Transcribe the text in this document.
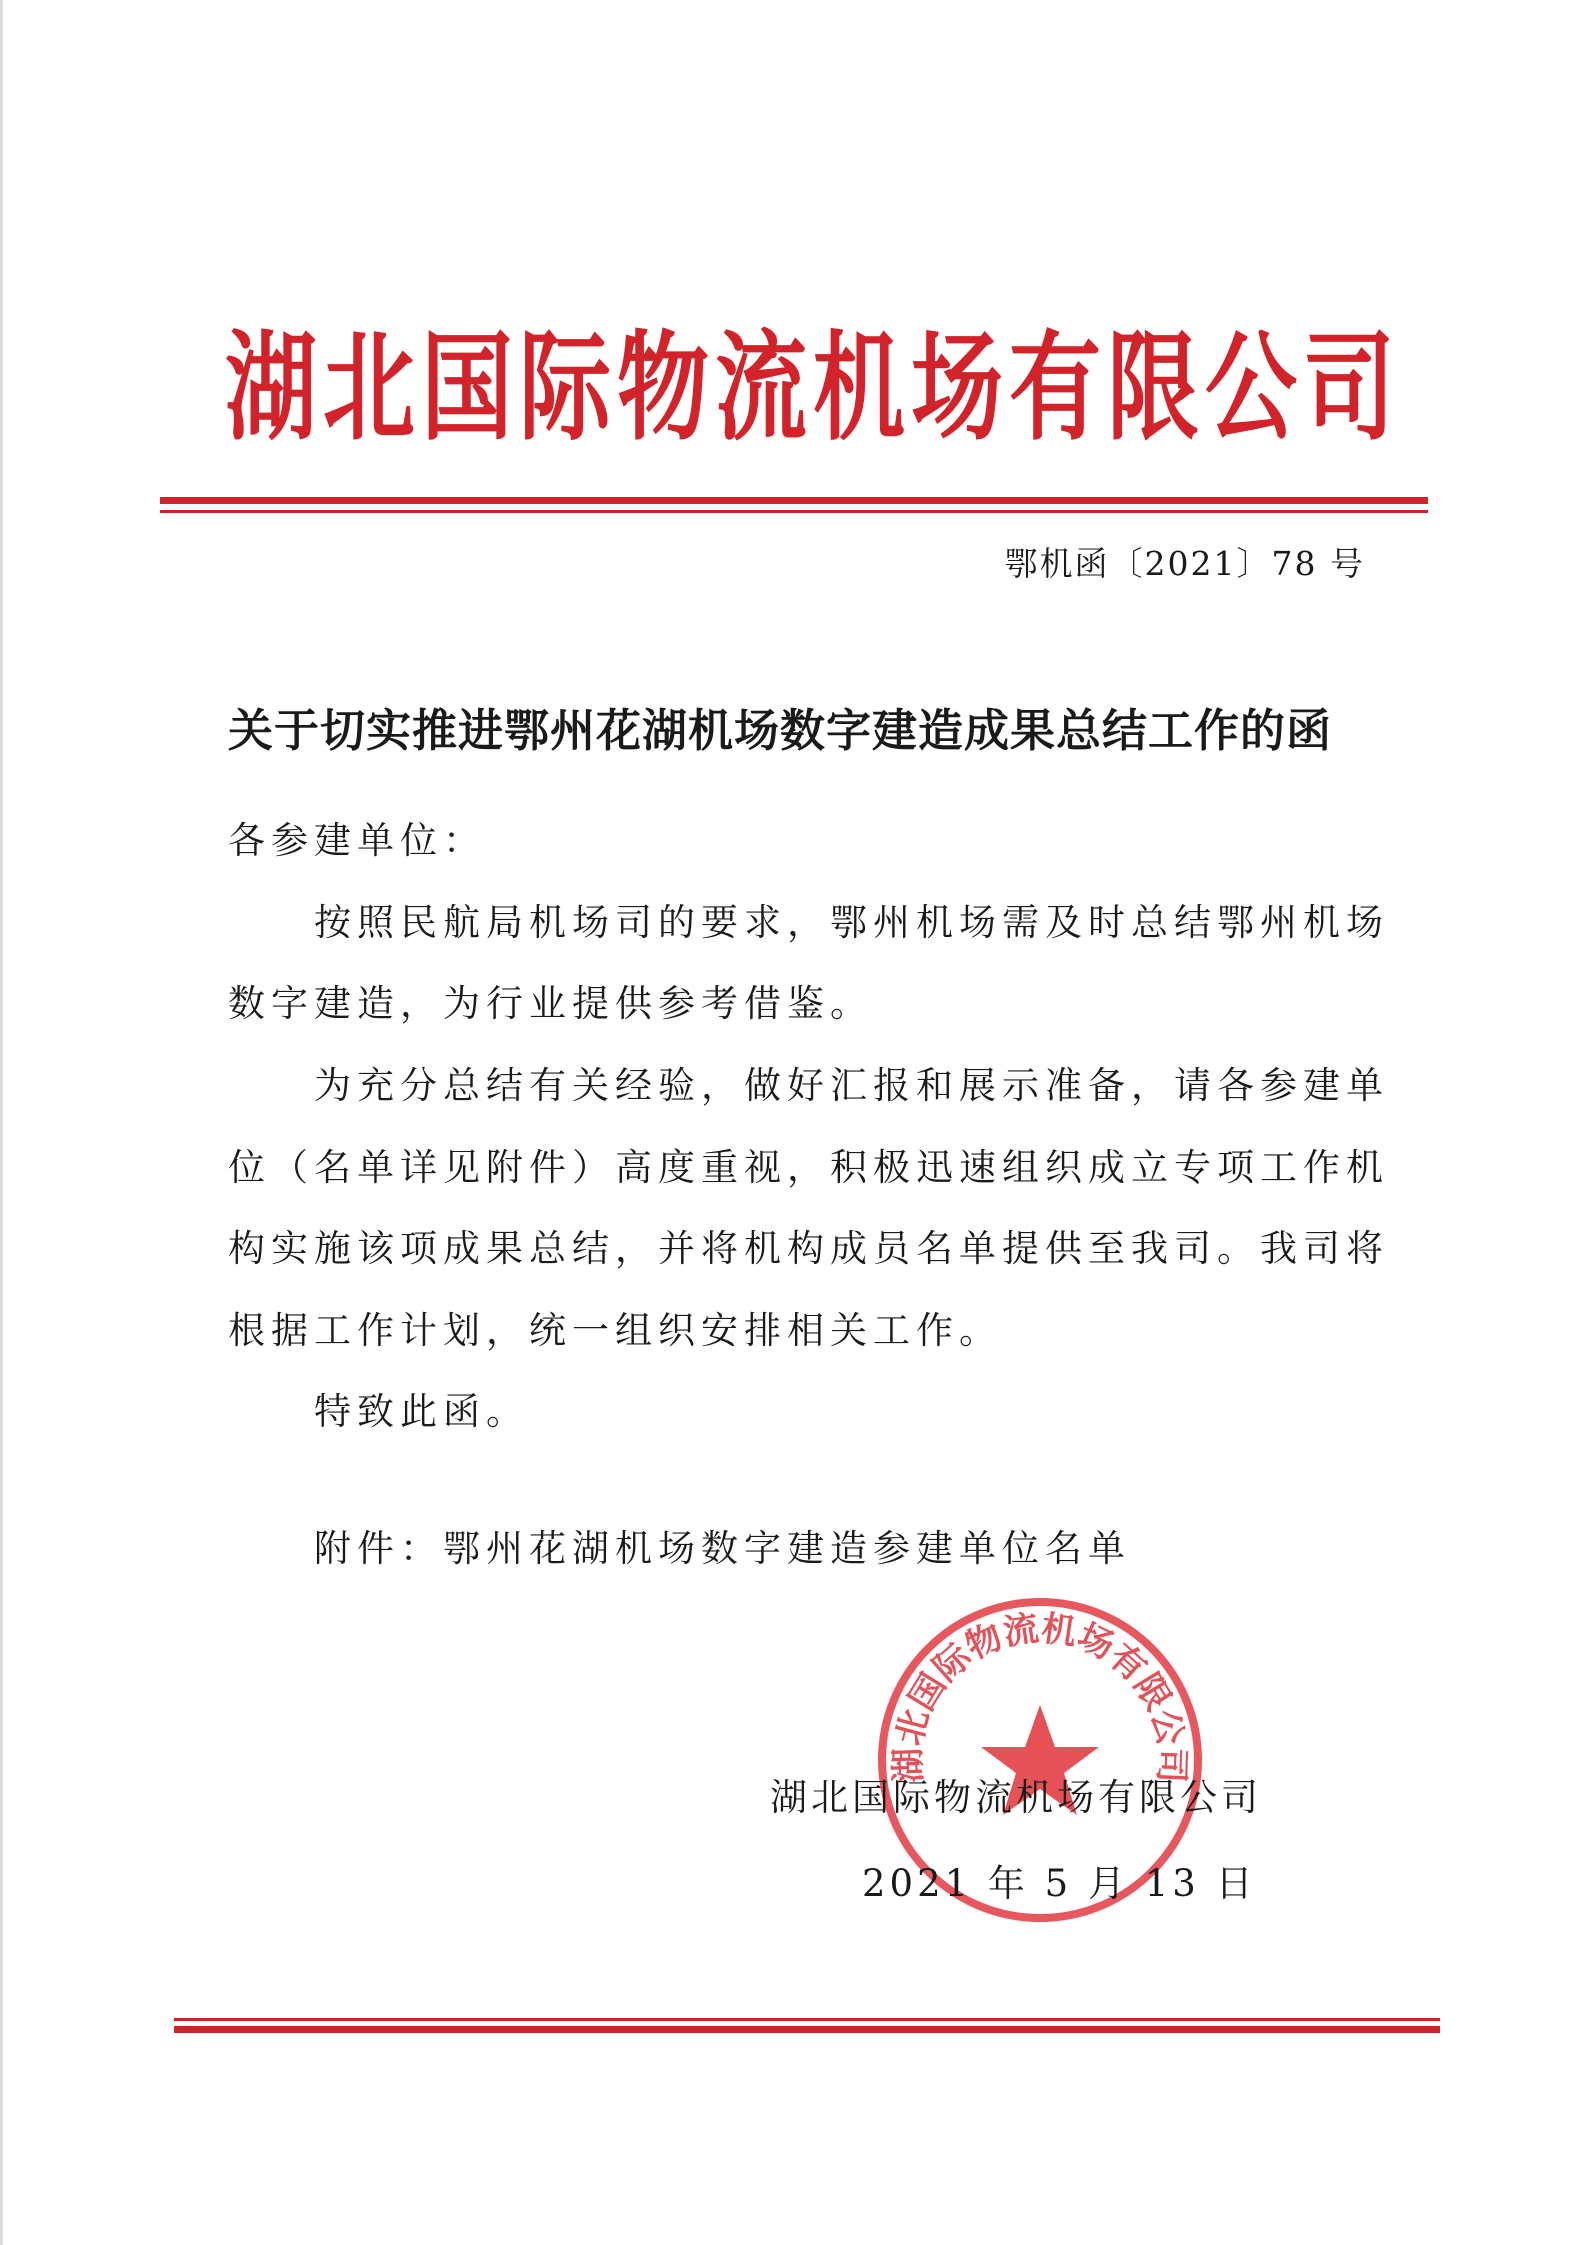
湖北国际物流机场有限公司
鄂机函〔2021〕78 号
关于切实推进鄂州花湖机场数字建造成果总结工作的函
各参建单位：
按照民航局机场司的要求，鄂州机场需及时总结鄂州机场
数字建造，为行业提供参考借鉴。
为充分总结有关经验，做好汇报和展示准备，请各参建单
位（名单详见附件）高度重视，积极迅速组织成立专项工作机
构实施该项成果总结，并将机构成员名单提供至我司。我司将
根据工作计划，统一组织安排相关工作。
特致此函。
附件：鄂州花湖机场数字建造参建单位名单
湖北国际物流机场有限公司
湖北国际物流机场有限公司
2021 年 5 月 13 日
